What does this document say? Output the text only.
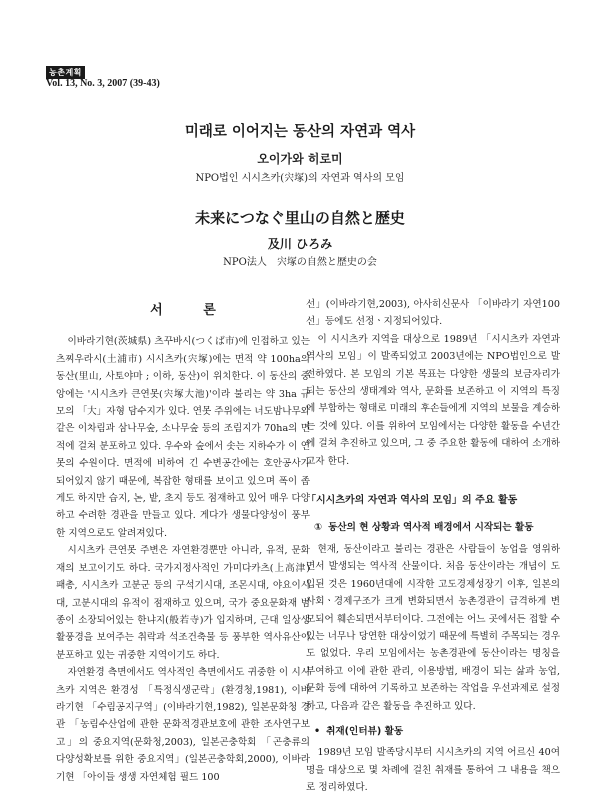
농촌계획
Vol. 13, No. 3, 2007 (39-43)
미래로 이어지는 동산의 자연과 역사
오이가와 히로미
NPO법인 시시츠카(宍塚)의 자연과 역사의 모임
未来につなぐ里山の自然と歴史
及川 ひろみ
NPO法人　宍塚の自然と歴史の会
서 론

이바라기현(茨城県) 츠꾸바시(つくば市)에 인접하고 있는 츠찌우라시(土浦市) 시시츠카(宍塚)에는 면적 약 100ha의 동산(里山, 사토야마 ; 이하, 동산)이 위치한다. 이 동산의 중앙에는 '시시츠카 큰연못(宍塚大池)'이라 불리는 약 3ha 규모의 「大」자형 담수지가 있다. 연못 주위에는 너도밤나무와 같은 이차림과 삼나무숲, 소나무숲 등의 조림지가 70ha의 면적에 걸쳐 분포하고 있다. 우수와 숲에서 솟는 지하수가 이 연못의 수원이다. 면적에 비하여 긴 수변공간에는 호안공사가 되어있지 않기 때문에, 복잡한 형태를 보이고 있으며 폭이 좁게도 하지만 습지, 논, 밭, 초지 등도 점재하고 있어 매우 다양하고 수려한 경관을 만들고 있다. 게다가 생물다양성이 풍부한 지역으로도 알려져있다.

시시츠카 큰연못 주변은 자연환경뿐만 아니라, 유적, 문화재의 보고이기도 하다. 국가지정사적인 가미다카츠(上高津) 패총, 시시츠카 고분군 등의 구석기시대, 조몬시대, 야요이시대, 고분시대의 유적이 점재하고 있으며, 국가 중요문화재 범종이 소장되어있는 한냐지(般若寺)가 입지하며, 근대 일상생활풍경을 보여주는 취락과 석조건축물 등 풍부한 역사유산이 분포하고 있는 귀중한 지역이기도 하다.

자연환경 측면에서도 역사적인 측면에서도 귀중한 이 시시츠카 지역은 환경성 「특정식생군락」(환경청,1981), 이바라기현 「수림공지구역」(이바라기현,1982), 일본문화청 경관 「농림수산업에 관한 문화적경관보호에 관한 조사연구보고」의 중요지역(문화청,2003), 일본곤충학회 「곤충류의 다양성확보를 위한 중요지역」(일본곤충학회,2000), 이바라기현 「아이들 생생 자연체험 필드 100

선」(이바라기현,2003), 아사히신문사 「이바라기 자연100선」등에도 선정ㆍ지정되어있다.

이 시시츠카 지역을 대상으로 1989년 「시시츠카 자연과 역사의 모임」이 발족되었고 2003년에는 NPO법인으로 발전하였다. 본 모임의 기본 목표는 다양한 생물의 보금자리가 되는 동산의 생태계와 역사, 문화를 보존하고 이 지역의 특징에 부합하는 형태로 미래의 후손들에게 지역의 보물을 계승하는 것에 있다. 이를 위하여 모임에서는 다양한 활동을 수년간에 걸쳐 추진하고 있으며, 그 중 주요한 활동에 대하여 소개하고자 한다.

「시시츠카의 자연과 역사의 모임」의 주요 활동
① 동산의 현 상황과 역사적 배경에서 시작되는 활동

현재, 동산이라고 불리는 경관은 사람들이 농업을 영위하면서 발생되는 역사적 산물이다. 처음 동산이라는 개념이 도입된 것은 1960년대에 시작한 고도경제성장기 이후, 일본의 사회ㆍ경제구조가 크게 변화되면서 농촌경관이 급격하게 변모되어 훼손되면서부터이다. 그전에는 어느 곳에서든 접할 수 있는 너무나 당연한 대상이었기 때문에 특별히 주목되는 경우도 없었다. 우리 모임에서는 농촌경관에 동산이라는 명칭을 부여하고 이에 관한 관리, 이용방법, 배경이 되는 삶과 농업, 문화 등에 대하여 기록하고 보존하는 작업을 우선과제로 설정하고, 다음과 같은 활동을 추진하고 있다.

• 취재(인터뷰) 활동

1989년 모임 발족당시부터 시시츠카의 지역 어르신 40여명을 대상으로 몇 차례에 걸친 취재를 통하여 그 내용을 책으로 정리하였다.
